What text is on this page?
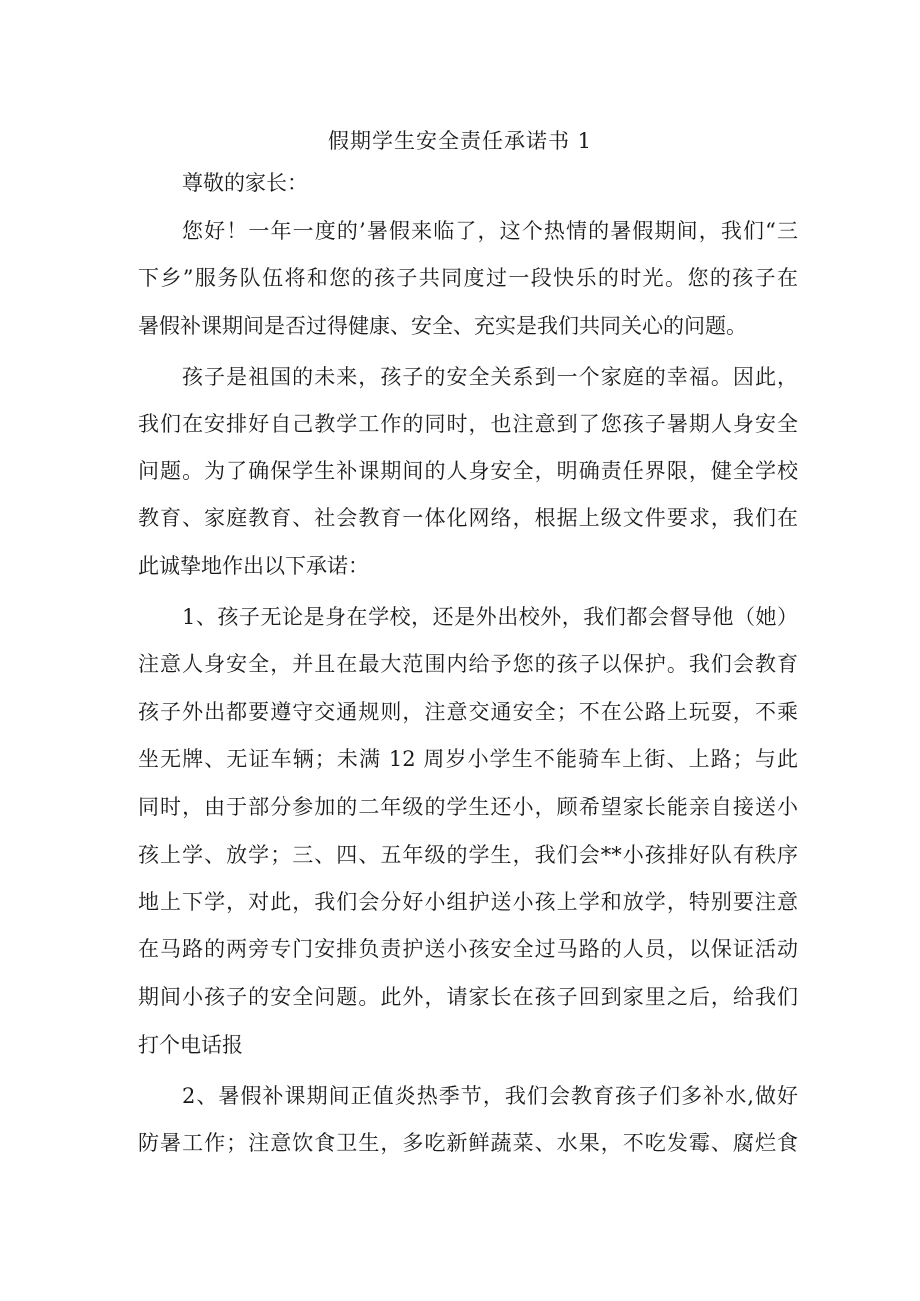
假期学生安全责任承诺书 1

尊敬的家长：

您好！一年一度的’暑假来临了，这个热情的暑假期间，我们“三

下乡”服务队伍将和您的孩子共同度过一段快乐的时光。您的孩子在

暑假补课期间是否过得健康、安全、充实是我们共同关心的问题。

孩子是祖国的未来，孩子的安全关系到一个家庭的幸福。因此，

我们在安排好自己教学工作的同时，也注意到了您孩子暑期人身安全

问题。为了确保学生补课期间的人身安全，明确责任界限，健全学校

教育、家庭教育、社会教育一体化网络，根据上级文件要求，我们在

此诚挚地作出以下承诺：

1、孩子无论是身在学校，还是外出校外，我们都会督导他（她）

注意人身安全，并且在最大范围内给予您的孩子以保护。我们会教育

孩子外出都要遵守交通规则，注意交通安全；不在公路上玩耍，不乘

坐无牌、无证车辆；未满 12 周岁小学生不能骑车上街、上路；与此

同时，由于部分参加的二年级的学生还小，顾希望家长能亲自接送小

孩上学、放学；三、四、五年级的学生，我们会**小孩排好队有秩序

地上下学，对此，我们会分好小组护送小孩上学和放学，特别要注意

在马路的两旁专门安排负责护送小孩安全过马路的人员，以保证活动

期间小孩子的安全问题。此外，请家长在孩子回到家里之后，给我们

打个电话报

2、暑假补课期间正值炎热季节，我们会教育孩子们多补水,做好

防暑工作；注意饮食卫生，多吃新鲜蔬菜、水果，不吃发霉、腐烂食
